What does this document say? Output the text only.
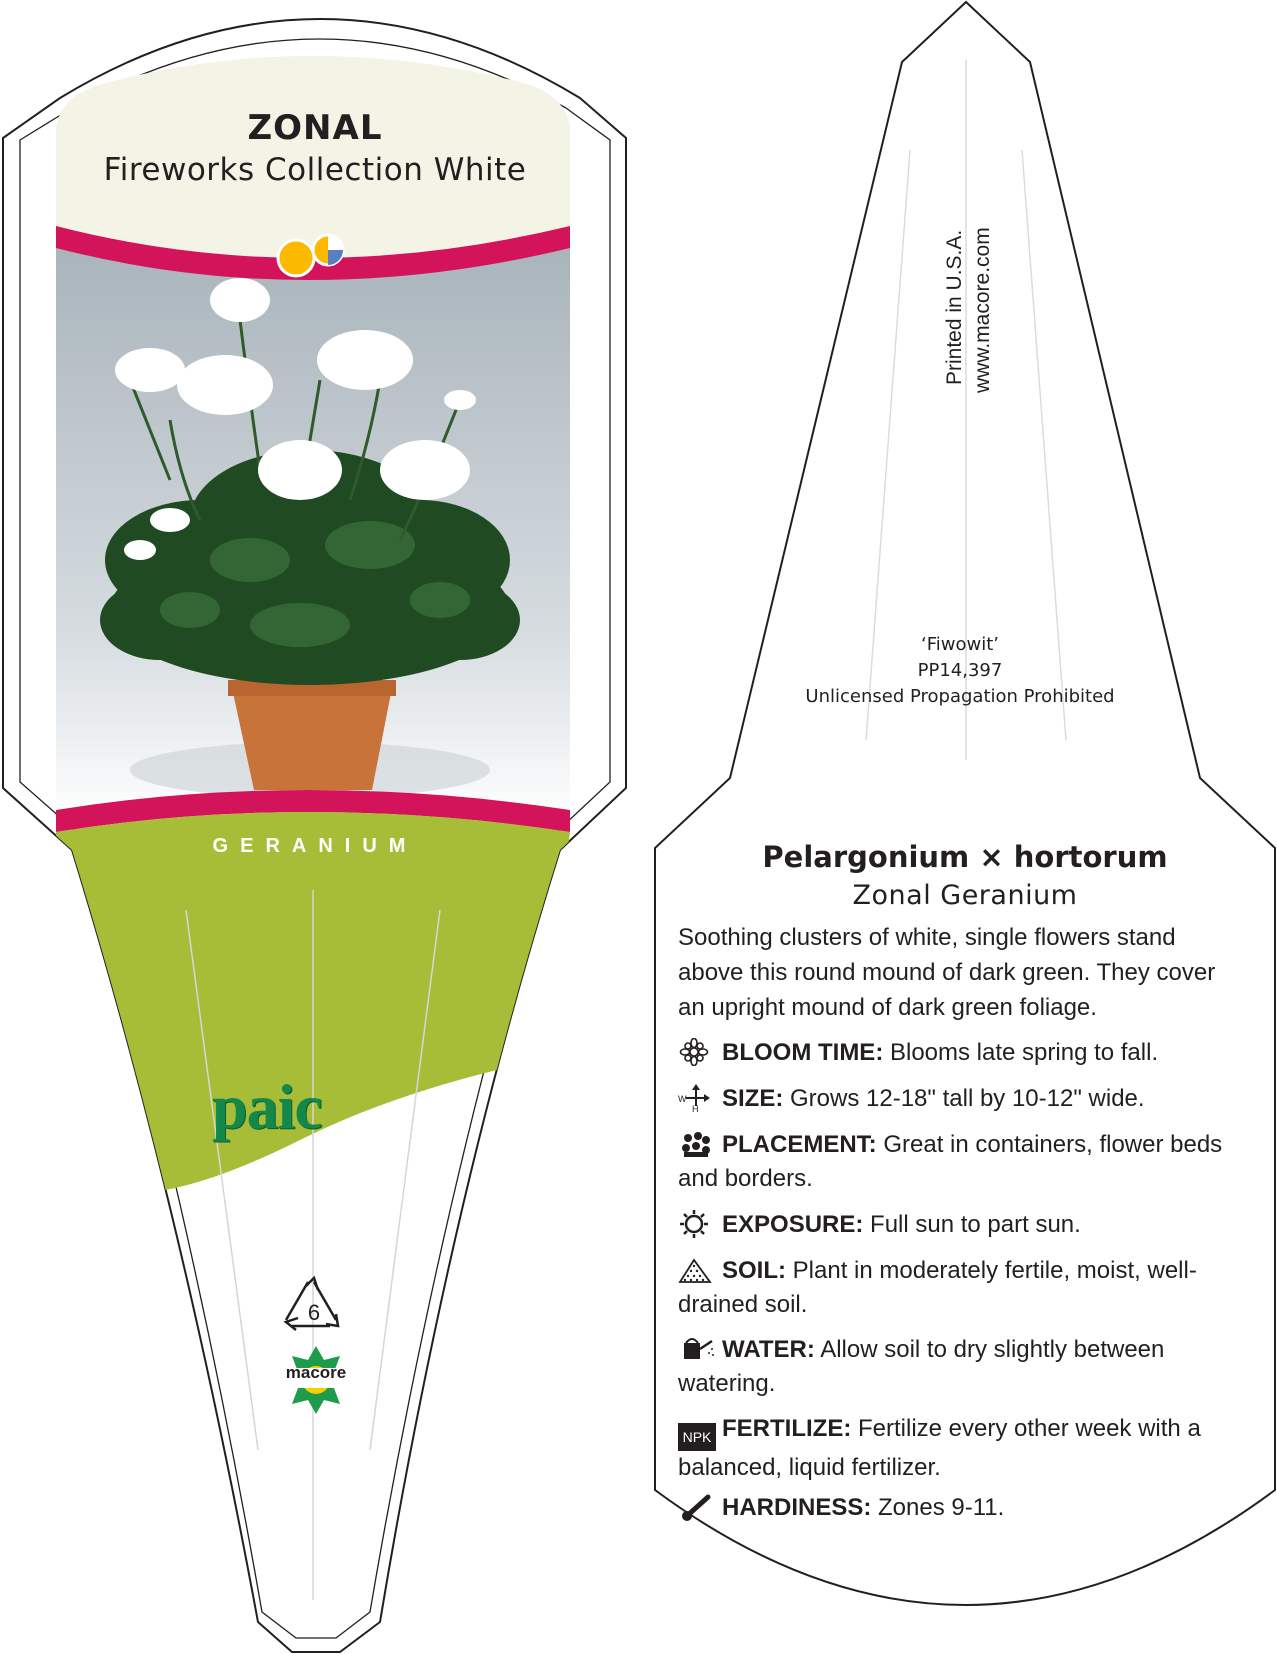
ZONAL
Fireworks Collection White
GERANIUM
paic
6
macore
Printed in U.S.A. www.macore.com
‘Fiwowit’
PP14,397
Unlicensed Propagation Prohibited
Pelargonium × hortorum
Zonal Geranium
Soothing clusters of white, single flowers stand above this round mound of dark green. They cover an upright mound of dark green foliage.
BLOOM TIME: Blooms late spring to fall.
W
H SIZE: Grows 12-18" tall by 10-12" wide.
PLACEMENT: Great in containers, flower beds and borders.
EXPOSURE: Full sun to part sun.
SOIL: Plant in moderately fertile, moist, well-drained soil.
WATER: Allow soil to dry slightly between watering.
NPK FERTILIZE: Fertilize every other week with a balanced, liquid fertilizer.
HARDINESS: Zones 9-11.
